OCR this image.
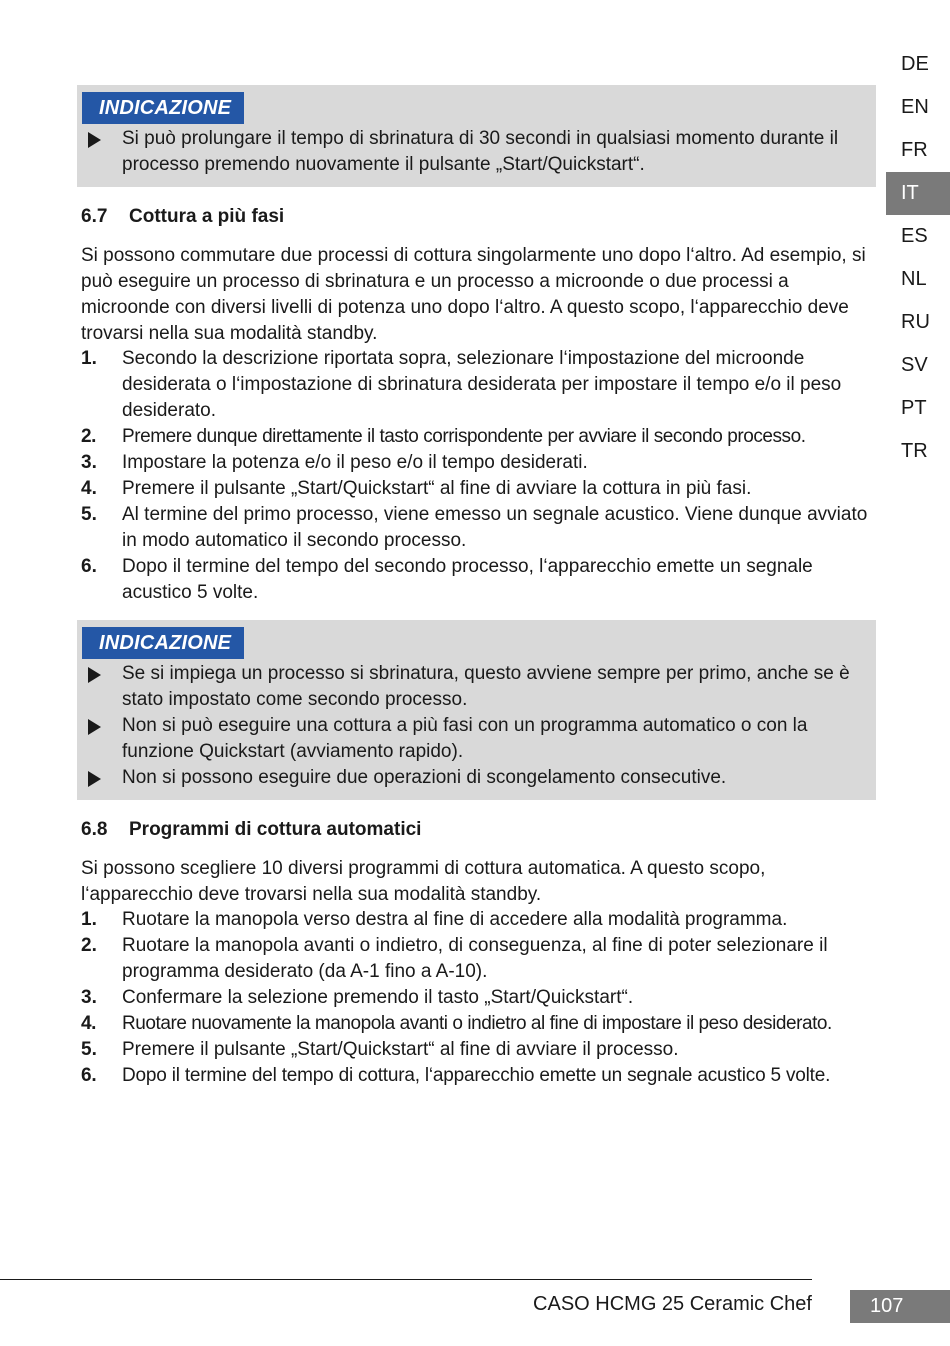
DE
EN
FR
IT
ES
NL
RU
SV
PT
TR
INDICAZIONE
Si può prolungare il tempo di sbrinatura di 30 secondi in qualsiasi momento durante il processo premendo nuovamente il pulsante „Start/Quickstart“.
6.7 Cottura a più fasi
Si possono commutare due processi di cottura singolarmente uno dopo l‘altro. Ad esempio, si può eseguire un processo di sbrinatura e un processo a microonde o due processi a microonde con diversi livelli di potenza uno dopo l‘altro. A questo scopo, l‘apparecchio deve trovarsi nella sua modalità standby.
1. Secondo la descrizione riportata sopra, selezionare l‘impostazione del microonde desiderata o l‘impostazione di sbrinatura desiderata per impostare il tempo e/o il peso desiderato.
2. Premere dunque direttamente il tasto corrispondente per avviare il secondo processo.
3. Impostare la potenza e/o il peso e/o il tempo desiderati.
4. Premere il pulsante „Start/Quickstart“ al fine di avviare la cottura in più fasi.
5. Al termine del primo processo, viene emesso un segnale acustico. Viene dunque avviato in modo automatico il secondo processo.
6. Dopo il termine del tempo del secondo processo, l‘apparecchio emette un segnale acustico 5 volte.
INDICAZIONE
Se si impiega un processo si sbrinatura, questo avviene sempre per primo, anche se è stato impostato come secondo processo.
Non si può eseguire una cottura a più fasi con un programma automatico o con la funzione Quickstart (avviamento rapido).
Non si possono eseguire due operazioni di scongelamento consecutive.
6.8 Programmi di cottura automatici
Si possono scegliere 10 diversi programmi di cottura automatica. A questo scopo, l‘apparecchio deve trovarsi nella sua modalità standby.
1. Ruotare la manopola verso destra al fine di accedere alla modalità programma.
2. Ruotare la manopola avanti o indietro, di conseguenza, al fine di poter selezionare il programma desiderato (da A-1 fino a A-10).
3. Confermare la selezione premendo il tasto „Start/Quickstart“.
4. Ruotare nuovamente la manopola avanti o indietro al fine di impostare il peso desiderato.
5. Premere il pulsante „Start/Quickstart“ al fine di avviare il processo.
6. Dopo il termine del tempo di cottura, l‘apparecchio emette un segnale acustico 5 volte.
CASO HCMG 25 Ceramic Chef	107
